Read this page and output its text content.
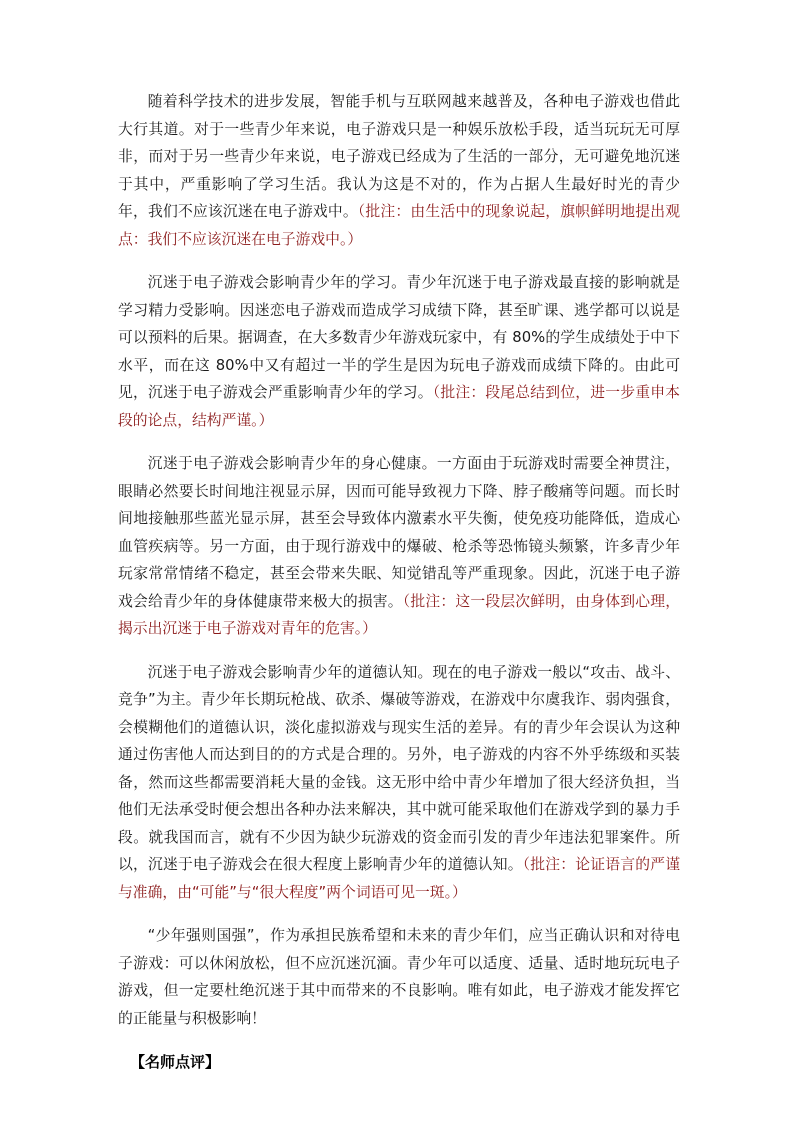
随着科学技术的进步发展，智能手机与互联网越来越普及，各种电子游戏也借此大行其道。对于一些青少年来说，电子游戏只是一种娱乐放松手段，适当玩玩无可厚非，而对于另一些青少年来说，电子游戏已经成为了生活的一部分，无可避免地沉迷于其中，严重影响了学习生活。我认为这是不对的，作为占据人生最好时光的青少年，我们不应该沉迷在电子游戏中。（批注：由生活中的现象说起，旗帜鲜明地提出观点：我们不应该沉迷在电子游戏中。）

沉迷于电子游戏会影响青少年的学习。青少年沉迷于电子游戏最直接的影响就是学习精力受影响。因迷恋电子游戏而造成学习成绩下降，甚至旷课、逃学都可以说是可以预料的后果。据调查，在大多数青少年游戏玩家中，有 80%的学生成绩处于中下水平，而在这 80%中又有超过一半的学生是因为玩电子游戏而成绩下降的。由此可见，沉迷于电子游戏会严重影响青少年的学习。（批注：段尾总结到位，进一步重申本段的论点，结构严谨。）

沉迷于电子游戏会影响青少年的身心健康。一方面由于玩游戏时需要全神贯注，眼睛必然要长时间地注视显示屏，因而可能导致视力下降、脖子酸痛等问题。而长时间地接触那些蓝光显示屏，甚至会导致体内激素水平失衡，使免疫功能降低，造成心血管疾病等。另一方面，由于现行游戏中的爆破、枪杀等恐怖镜头频繁，许多青少年玩家常常情绪不稳定，甚至会带来失眠、知觉错乱等严重现象。因此，沉迷于电子游戏会给青少年的身体健康带来极大的损害。（批注：这一段层次鲜明，由身体到心理，揭示出沉迷于电子游戏对青年的危害。）

沉迷于电子游戏会影响青少年的道德认知。现在的电子游戏一般以“攻击、战斗、竞争”为主。青少年长期玩枪战、砍杀、爆破等游戏，在游戏中尔虞我诈、弱肉强食，会模糊他们的道德认识，淡化虚拟游戏与现实生活的差异。有的青少年会误认为这种通过伤害他人而达到目的的方式是合理的。另外，电子游戏的内容不外乎练级和买装备，然而这些都需要消耗大量的金钱。这无形中给中青少年增加了很大经济负担，当他们无法承受时便会想出各种办法来解决，其中就可能采取他们在游戏学到的暴力手段。就我国而言，就有不少因为缺少玩游戏的资金而引发的青少年违法犯罪案件。所以，沉迷于电子游戏会在很大程度上影响青少年的道德认知。（批注：论证语言的严谨与准确，由“可能”与“很大程度”两个词语可见一斑。）

“少年强则国强”，作为承担民族希望和未来的青少年们，应当正确认识和对待电子游戏：可以休闲放松，但不应沉迷沉湎。青少年可以适度、适量、适时地玩玩电子游戏，但一定要杜绝沉迷于其中而带来的不良影响。唯有如此，电子游戏才能发挥它的正能量与积极影响！

【名师点评】
